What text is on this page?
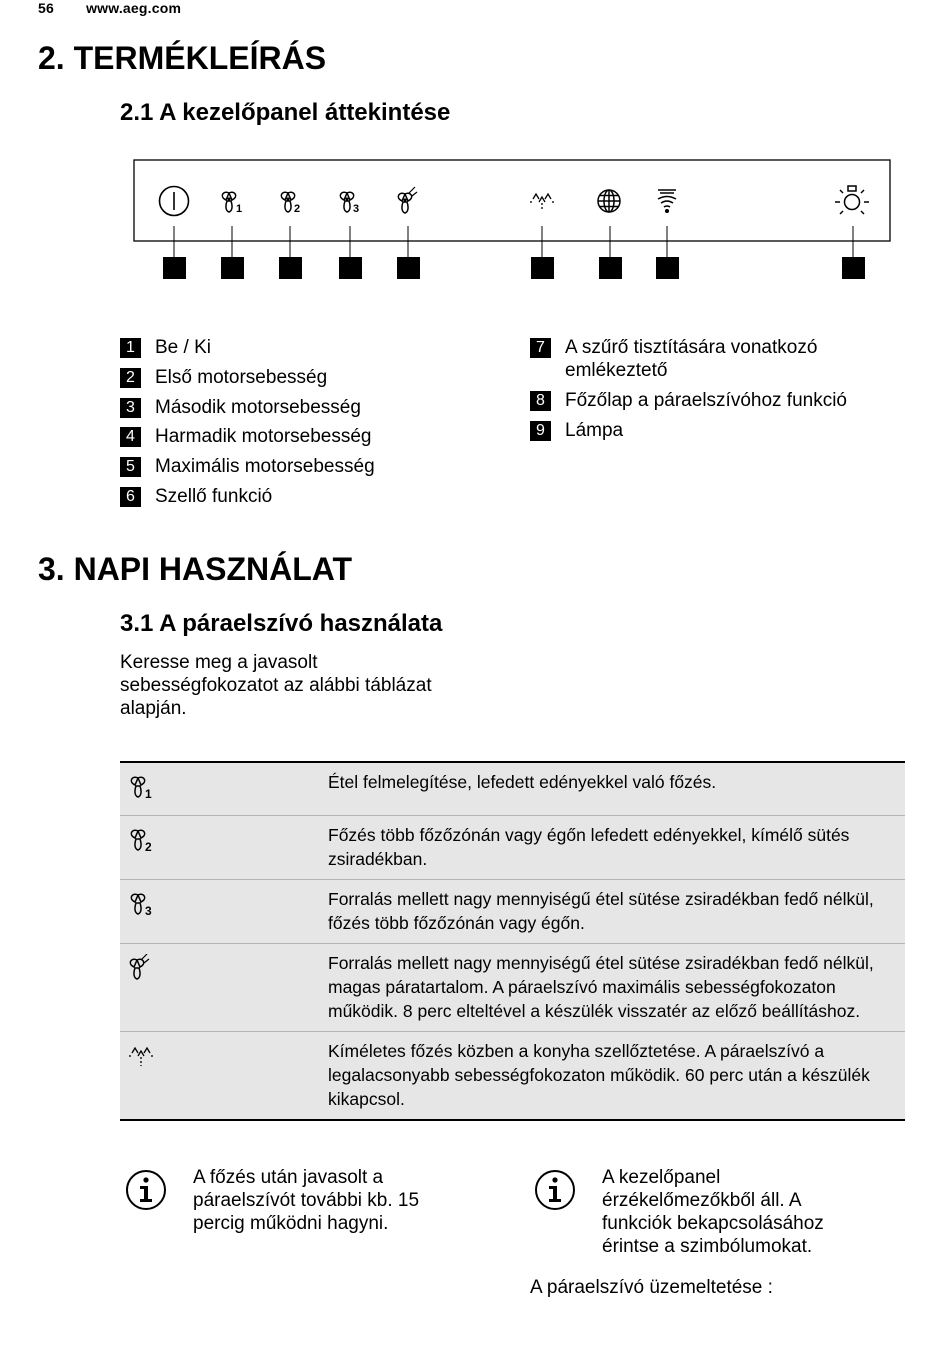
56 www.aeg.com
2. TERMÉKLEÍRÁS
2.1 A kezelőpanel áttekintése
1	2	3
1	Be / Ki
2	Első motorsebesség
3	Második motorsebesség
4	Harmadik motorsebesség
5	Maximális motorsebesség
6	Szellő funkció
7	A szűrő tisztítására vonatkozó emlékeztető
8	Főzőlap a páraelszívóhoz funkció
9	Lámpa
3. NAPI HASZNÁLAT
3.1 A páraelszívó használata
Keresse meg a javasolt sebességfokozatot az alábbi táblázat alapján.
1	Étel felmelegítése, lefedett edényekkel való főzés.

2	Főzés több főzőzónán vagy égőn lefedett edényekkel, kímélő sütés zsiradékban.

3	Forralás mellett nagy mennyiségű étel sütése zsiradékban fedő nélkül, főzés több főzőzónán vagy égőn.
	Forralás mellett nagy mennyiségű étel sütése zsiradékban fedő nélkül, magas páratartalom. A páraelszívó maximális sebességfokozaton működik. 8 perc elteltével a készülék visszatér az előző beállításhoz.
	Kíméletes főzés közben a konyha szellőztetése. A páraelszívó a legalacsonyabb sebességfokozaton működik. 60 perc után a készülék kikapcsol.
A főzés után javasolt a páraelszívót további kb. 15 percig működni hagyni.
A kezelőpanel érzékelőmezőkből áll. A funkciók bekapcsolásához érintse a szimbólumokat.
A páraelszívó üzemeltetése :
